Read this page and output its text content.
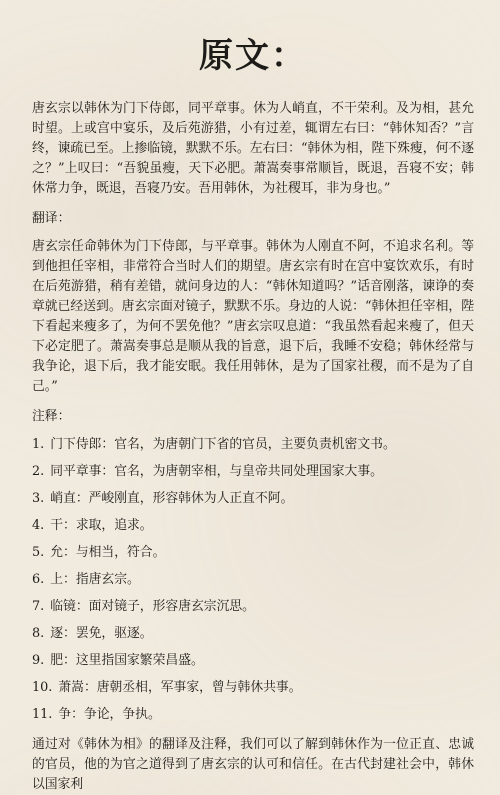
原文：

唐玄宗以韩休为门下侍郎，同平章事。休为人峭直，不干荣利。及为相，甚允时望。上或宫中宴乐，及后苑游猎，小有过差，辄谓左右曰：“韩休知否？”言终，谏疏已至。上掺临镜，默默不乐。左右曰：“韩休为相，陛下殊瘦，何不逐之？”上叹曰：“吾貌虽瘦，天下必肥。萧嵩奏事常顺旨，既退，吾寝不安；韩休常力争，既退，吾寝乃安。吾用韩休，为社稷耳，非为身也。”

翻译：

唐玄宗任命韩休为门下侍郎，与平章事。韩休为人刚直不阿，不追求名利。等到他担任宰相，非常符合当时人们的期望。唐玄宗有时在宫中宴饮欢乐，有时在后苑游猎，稍有差错，就问身边的人：“韩休知道吗？”话音刚落，谏诤的奏章就已经送到。唐玄宗面对镜子，默默不乐。身边的人说：“韩休担任宰相，陛下看起来瘦多了，为何不罢免他？”唐玄宗叹息道：“我虽然看起来瘦了，但天下必定肥了。萧嵩奏事总是顺从我的旨意，退下后，我睡不安稳；韩休经常与我争论，退下后，我才能安眠。我任用韩休，是为了国家社稷，而不是为了自己。”

注释：
1. 门下侍郎：官名，为唐朝门下省的官员，主要负责机密文书。
2. 同平章事：官名，为唐朝宰相，与皇帝共同处理国家大事。
3. 峭直：严峻刚直，形容韩休为人正直不阿。
4. 干：求取，追求。
5. 允：与相当，符合。
6. 上：指唐玄宗。
7. 临镜：面对镜子，形容唐玄宗沉思。
8. 逐：罢免，驱逐。
9. 肥：这里指国家繁荣昌盛。
10. 萧嵩：唐朝丞相，军事家，曾与韩休共事。
11. 争：争论，争执。

通过对《韩休为相》的翻译及注释，我们可以了解到韩休作为一位正直、忠诚的官员，他的为官之道得到了唐玄宗的认可和信任。在古代封建社会中，韩休以国家利
